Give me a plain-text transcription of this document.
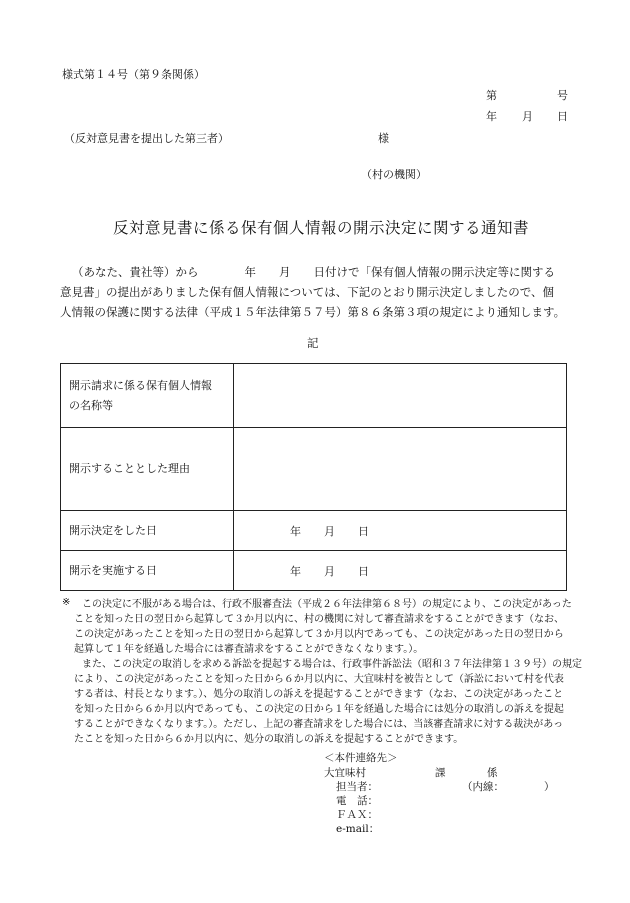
様式第１４号（第９条関係）
第	号
年 月 日
（反対意見書を提出した第三者）	様
（村の機関）
反対意見書に係る保有個人情報の開示決定に関する通知書
（あなた、貴社等）から　　　　年　　月　　日付けで「保有個人情報の開示決定等に関する
意見書」の提出がありました保有個人情報については、下記のとおり開示決定しましたので、個
人情報の保護に関する法律（平成１５年法律第５７号）第８６条第３項の規定により通知します。
記
開示請求に係る保有個人情報
の名称等
開示することとした理由
開示決定をした日	年 月 日
開示を実施する日	年 月 日
※	この決定に不服がある場合は、行政不服審査法（平成２６年法律第６８号）の規定により、この決定があった
ことを知った日の翌日から起算して３か月以内に、村の機関に対して審査請求をすることができます（なお、
この決定があったことを知った日の翌日から起算して３か月以内であっても、この決定があった日の翌日から
起算して１年を経過した場合には審査請求をすることができなくなります。）。
また、この決定の取消しを求める訴訟を提起する場合は、行政事件訴訟法（昭和３７年法律第１３９号）の規定
により、この決定があったことを知った日から６か月以内に、大宜味村を被告として（訴訟において村を代表
する者は、村長となります。）、処分の取消しの訴えを提起することができます（なお、この決定があったこと
を知った日から６か月以内であっても、この決定の日から１年を経過した場合には処分の取消しの訴えを提起
することができなくなります。）。ただし、上記の審査請求をした場合には、当該審査請求に対する裁決があっ
たことを知った日から６か月以内に、処分の取消しの訴えを提起することができます。
＜本件連絡先＞
大宜味村	課	係
担当者：	（内線：	）
電　話：
ＦＡＸ：
e-mail：
